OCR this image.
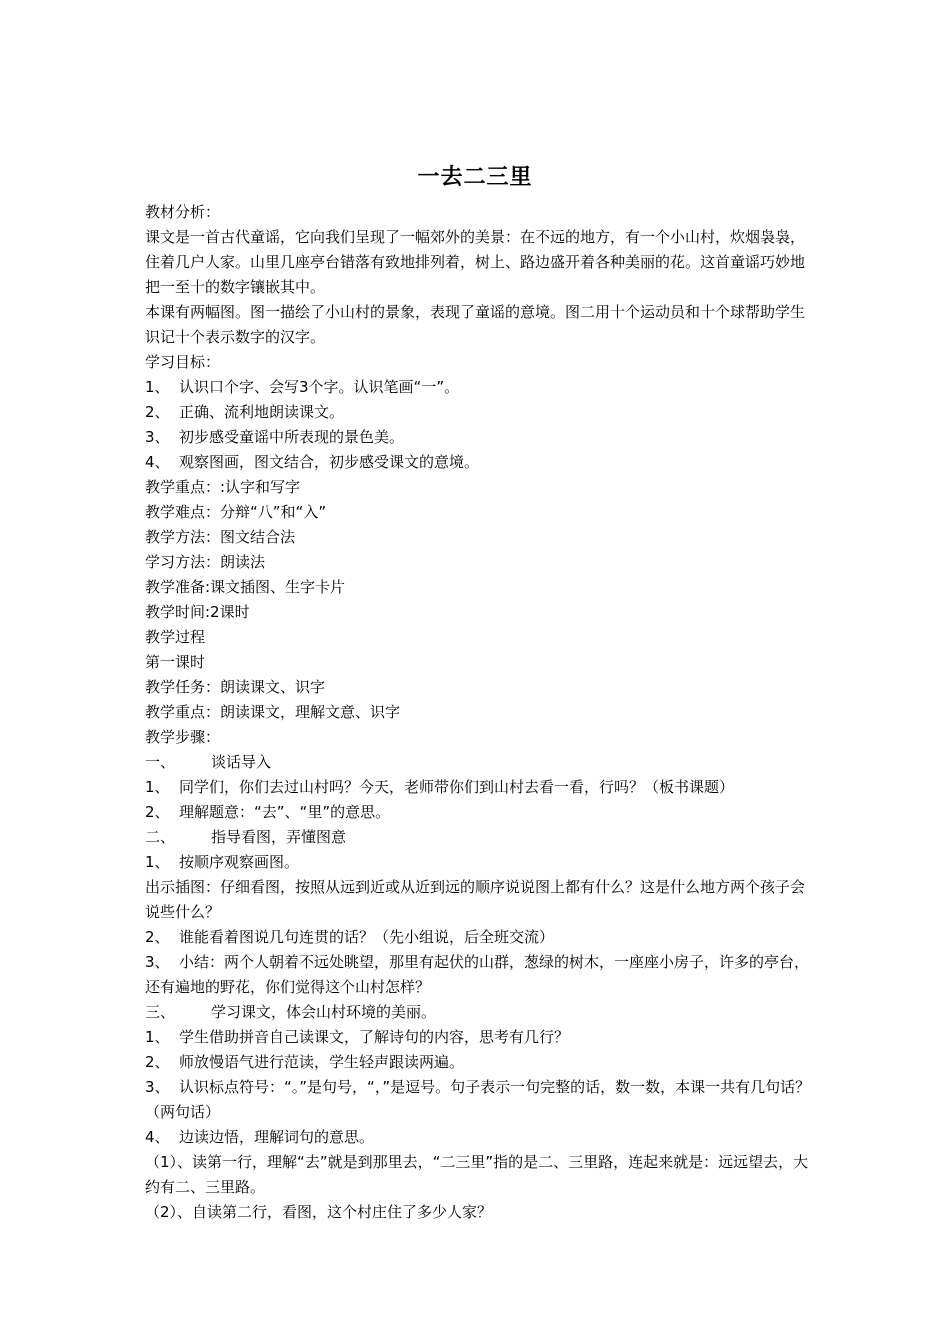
一去二三里

教材分析：

课文是一首古代童谣，它向我们呈现了一幅郊外的美景：在不远的地方，有一个小山村，炊烟袅袅，住着几户人家。山里几座亭台错落有致地排列着，树上、路边盛开着各种美丽的花。这首童谣巧妙地把一至十的数字镶嵌其中。

本课有两幅图。图一描绘了小山村的景象，表现了童谣的意境。图二用十个运动员和十个球帮助学生识记十个表示数字的汉字。

学习目标：

1、 认识口个字、会写3个字。认识笔画“一”。

2、 正确、流利地朗读课文。

3、 初步感受童谣中所表现的景色美。

4、 观察图画，图文结合，初步感受课文的意境。

教学重点：:认字和写字

教学难点：分辩“八”和“入”

教学方法：图文结合法

学习方法：朗读法

教学准备:课文插图、生字卡片

教学时间:2课时

教学过程

第一课时

教学任务：朗读课文、识字

教学重点：朗读课文，理解文意、识字

教学步骤：

一、 谈话导入

1、 同学们，你们去过山村吗？今天，老师带你们到山村去看一看，行吗？（板书课题）

2、 理解题意：“去”、“里”的意思。

二、 指导看图，弄懂图意

1、 按顺序观察画图。

出示插图：仔细看图，按照从远到近或从近到远的顺序说说图上都有什么？这是什么地方两个孩子会说些什么？

2、 谁能看着图说几句连贯的话？（先小组说，后全班交流）

3、 小结：两个人朝着不远处眺望，那里有起伏的山群，葱绿的树木，一座座小房子，许多的亭台，还有遍地的野花，你们觉得这个山村怎样？

三、 学习课文，体会山村环境的美丽。

1、 学生借助拼音自己读课文，了解诗句的内容，思考有几行？

2、 师放慢语气进行范读，学生轻声跟读两遍。

3、 认识标点符号：“。”是句号，“，”是逗号。句子表示一句完整的话，数一数，本课一共有几句话？（两句话）

4、 边读边悟，理解词句的意思。

（1）、读第一行，理解“去”就是到那里去，“二三里”指的是二、三里路，连起来就是：远远望去，大约有二、三里路。

（2）、自读第二行，看图，这个村庄住了多少人家？
